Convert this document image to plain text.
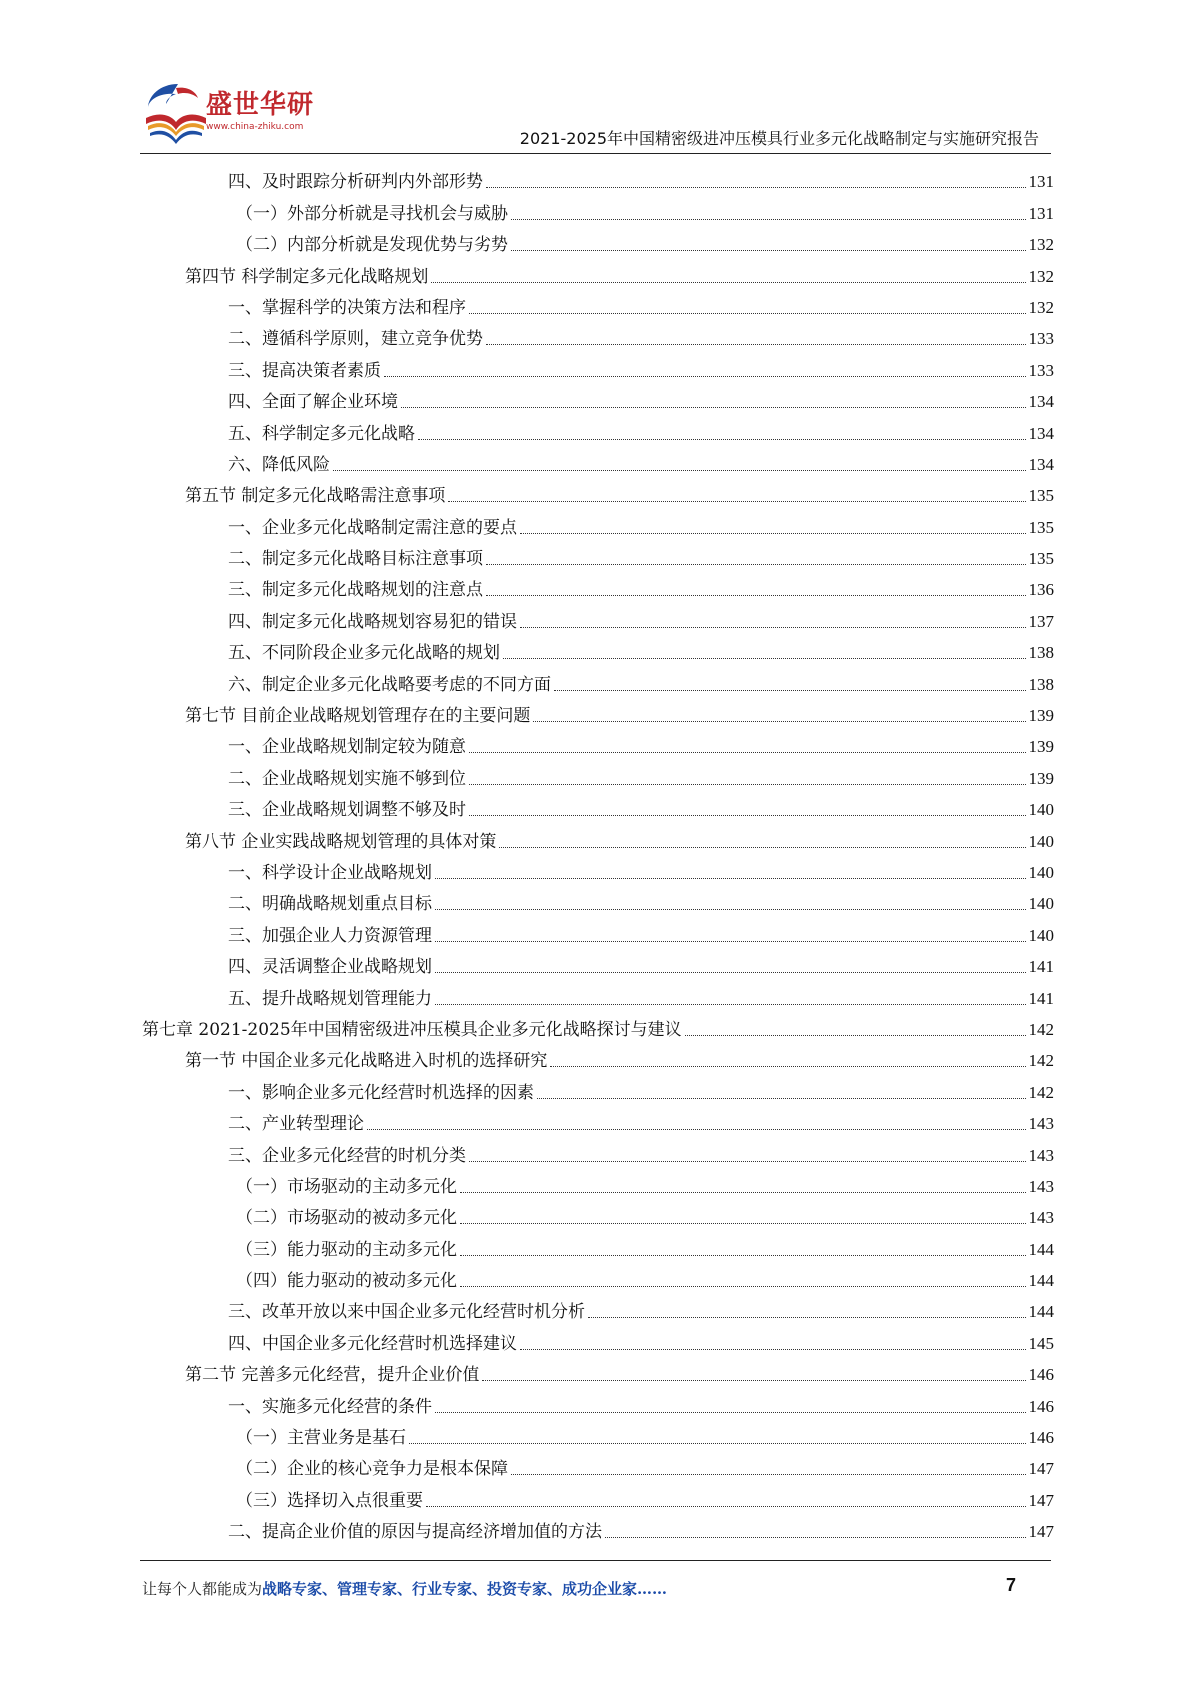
盛世华研
www.china-zhiku.com
2021-2025年中国精密级进冲压模具行业多元化战略制定与实施研究报告
四、及时跟踪分析研判内外部形势	131
（一）外部分析就是寻找机会与威胁	131
（二）内部分析就是发现优势与劣势	132
第四节 科学制定多元化战略规划	132
一、掌握科学的决策方法和程序	132
二、遵循科学原则，建立竞争优势	133
三、提高决策者素质	133
四、全面了解企业环境	134
五、科学制定多元化战略	134
六、降低风险	134
第五节 制定多元化战略需注意事项	135
一、企业多元化战略制定需注意的要点	135
二、制定多元化战略目标注意事项	135
三、制定多元化战略规划的注意点	136
四、制定多元化战略规划容易犯的错误	137
五、不同阶段企业多元化战略的规划	138
六、制定企业多元化战略要考虑的不同方面	138
第七节 目前企业战略规划管理存在的主要问题	139
一、企业战略规划制定较为随意	139
二、企业战略规划实施不够到位	139
三、企业战略规划调整不够及时	140
第八节 企业实践战略规划管理的具体对策	140
一、科学设计企业战略规划	140
二、明确战略规划重点目标	140
三、加强企业人力资源管理	140
四、灵活调整企业战略规划	141
五、提升战略规划管理能力	141
第七章 2021-2025年中国精密级进冲压模具企业多元化战略探讨与建议	142
第一节 中国企业多元化战略进入时机的选择研究	142
一、影响企业多元化经营时机选择的因素	142
二、产业转型理论	143
三、企业多元化经营的时机分类	143
（一）市场驱动的主动多元化	143
（二）市场驱动的被动多元化	143
（三）能力驱动的主动多元化	144
（四）能力驱动的被动多元化	144
三、改革开放以来中国企业多元化经营时机分析	144
四、中国企业多元化经营时机选择建议	145
第二节 完善多元化经营，提升企业价值	146
一、实施多元化经营的条件	146
（一）主营业务是基石	146
（二）企业的核心竞争力是根本保障	147
（三）选择切入点很重要	147
二、提高企业价值的原因与提高经济增加值的方法	147
让每个人都能成为战略专家、管理专家、行业专家、投资专家、成功企业家……	7
